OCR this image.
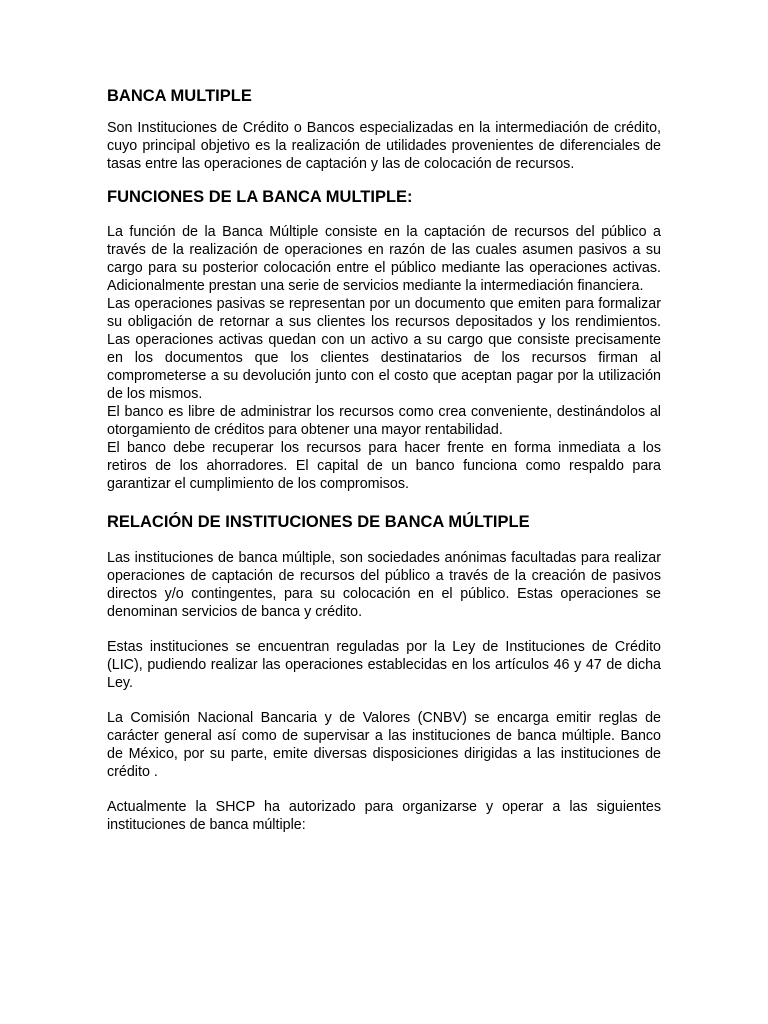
BANCA MULTIPLE

Son Instituciones de Crédito o Bancos especializadas en la intermediación de crédito, cuyo principal objetivo es la realización de utilidades provenientes de diferenciales de tasas entre las operaciones de captación y las de colocación de recursos.

FUNCIONES DE LA BANCA MULTIPLE:

La función de la Banca Múltiple consiste en la captación de recursos del público a través de la realización de operaciones en razón de las cuales asumen pasivos a su cargo para su posterior colocación entre el público mediante las operaciones activas. Adicionalmente prestan una serie de servicios mediante la intermediación financiera.

Las operaciones pasivas se representan por un documento que emiten para formalizar su obligación de retornar a sus clientes los recursos depositados y los rendimientos. Las operaciones activas quedan con un activo a su cargo que consiste precisamente en los documentos que los clientes destinatarios de los recursos firman al comprometerse a su devolución junto con el costo que aceptan pagar por la utilización de los mismos.

El banco es libre de administrar los recursos como crea conveniente, destinándolos al otorgamiento de créditos para obtener una mayor rentabilidad.

El banco debe recuperar los recursos para hacer frente en forma inmediata a los retiros de los ahorradores. El capital de un banco funciona como respaldo para garantizar el cumplimiento de los compromisos.

RELACIÓN DE INSTITUCIONES DE BANCA MÚLTIPLE

Las instituciones de banca múltiple, son sociedades anónimas facultadas para realizar operaciones de captación de recursos del público a través de la creación de pasivos directos y/o contingentes, para su colocación en el público. Estas operaciones se denominan servicios de banca y crédito.

Estas instituciones se encuentran reguladas por la Ley de Instituciones de Crédito (LIC), pudiendo realizar las operaciones establecidas en los artículos 46 y 47 de dicha Ley.

La Comisión Nacional Bancaria y de Valores (CNBV) se encarga emitir reglas de carácter general así como de supervisar a las instituciones de banca múltiple. Banco de México, por su parte, emite diversas disposiciones dirigidas a las instituciones de crédito .

Actualmente la SHCP ha autorizado para organizarse y operar a las siguientes instituciones de banca múltiple:
